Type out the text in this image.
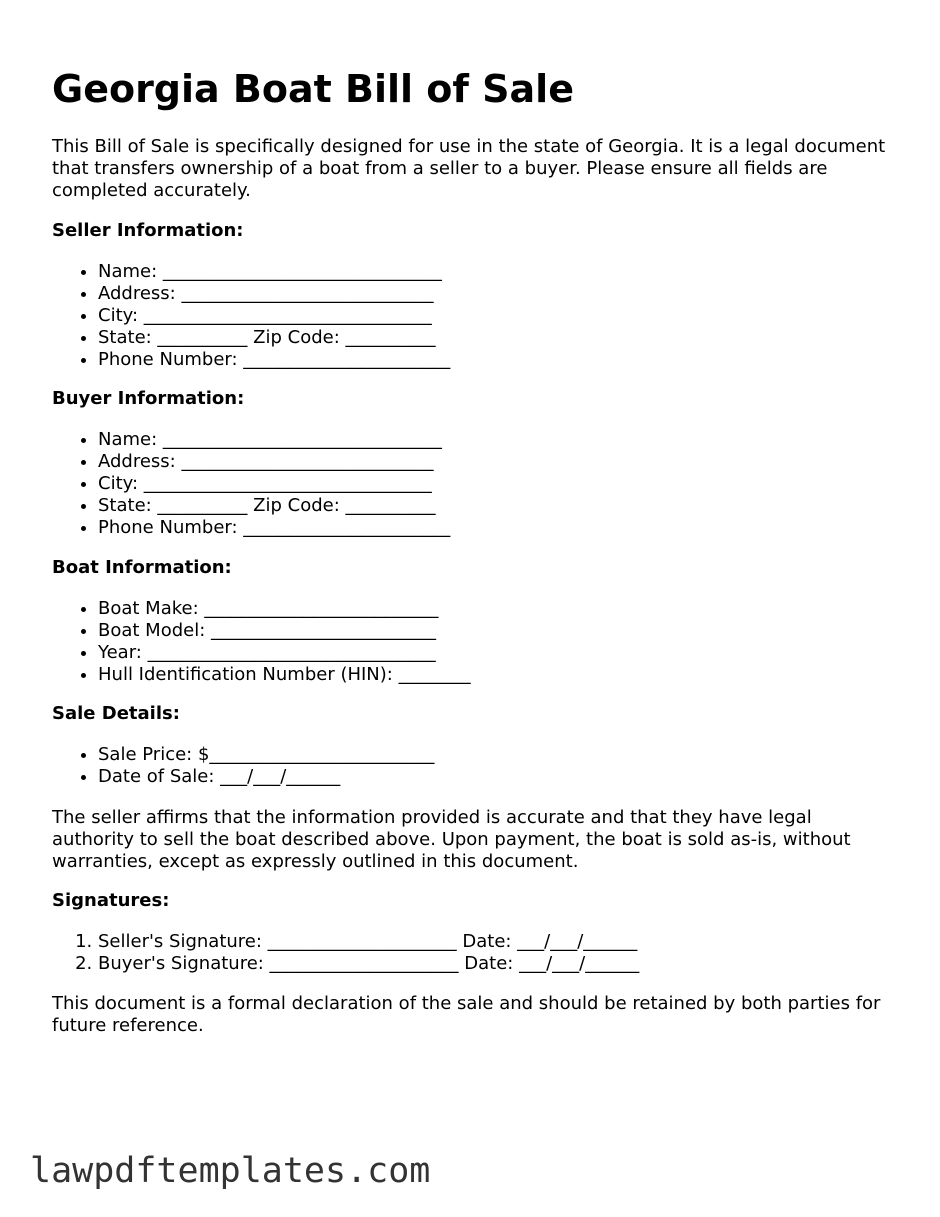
Georgia Boat Bill of Sale

This Bill of Sale is specifically designed for use in the state of Georgia. It is a legal document that transfers ownership of a boat from a seller to a buyer. Please ensure all fields are completed accurately.

Seller Information:

• Name: _______________________________
• Address: ____________________________
• City: ________________________________
• State: __________ Zip Code: __________
• Phone Number: _______________________

Buyer Information:

• Name: _______________________________
• Address: ____________________________
• City: ________________________________
• State: __________ Zip Code: __________
• Phone Number: _______________________

Boat Information:

• Boat Make: __________________________
• Boat Model: _________________________
• Year: ________________________________
• Hull Identification Number (HIN): ________

Sale Details:

• Sale Price: $_________________________
• Date of Sale: ___/___/______

The seller affirms that the information provided is accurate and that they have legal authority to sell the boat described above. Upon payment, the boat is sold as-is, without warranties, except as expressly outlined in this document.

Signatures:

1. Seller's Signature: _____________________ Date: ___/___/______
2. Buyer's Signature: _____________________ Date: ___/___/______

This document is a formal declaration of the sale and should be retained by both parties for future reference.

lawpdftemplates.com
